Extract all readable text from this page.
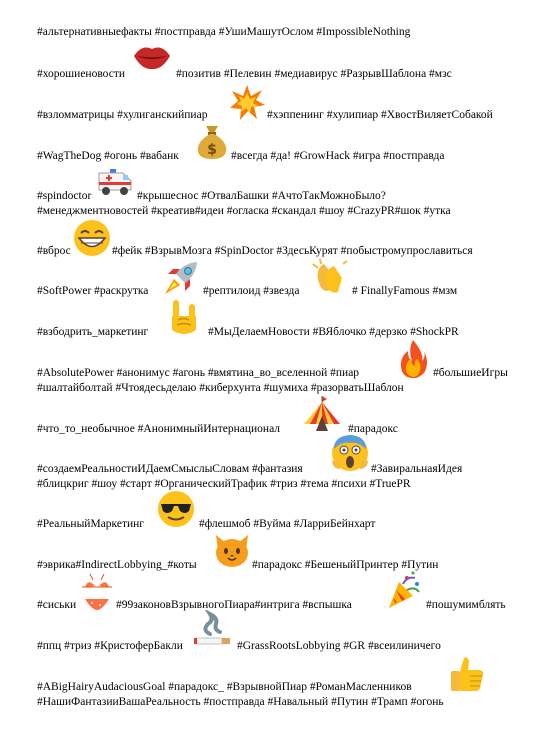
#альтернативныефакты #постправда #УшиМашутОслом #ImpossibleNothing
#хорошиеновости	#позитив #Пелевин #медиавирус #РазрывШаблона #мзс
#взломматрицы #хулиганскийпиар	#хэппенинг #хулипиар #ХвостВиляетСобакой
#WagTheDog #огонь #вабанк $ #всегда #да! #GrowHack #игра #постправда
#spindoctor	#крышеснос #ОтвалБашки #АчтоТакМожноБыло?
#менеджментновостей #креатив#идеи #огласка #скандал #шоу #CrazyPR#шок #утка
#вброс	#фейк #ВзрывМозга #SpinDoctor #ЗдесьКурят #побыстромупрославиться
#SoftPower #раскрутка	#рептилоид #звезда	# FinallyFamous #мзм
#взбодрить_маркетинг	#МыДелаемНовости #ВЯблочко #дерзко #ShockPR
#AbsolutePower #анонимус #агонь #вмятина_во_вселенной #пиар	#большиеИгры
#шалтайболтай #Чтоядесьделаю #киберхунта #шумиха #разорватьШаблон
#что_то_необычное #АнонимныйИнтернационал	#парадокс
#создаемРеальностиИДаемСмыслыСловам #фантазия	#ЗавиральнаяИдея
#блицкриг #шоу #старт #ОрганическийТрафик #триз #тема #психи #TruePR
#РеальныйМаркетинг	#флешмоб #Вуйма #ЛарриБейнхарт
#эврика#IndirectLobbying_#коты	#парадокс #БешеныйПринтер #Путин
#сиськи	#99законовВзрывногоПиара#интрига #вспышка	#пошумимблять
#ппц #триз #КристоферБакли	#GrassRootsLobbying #GR #всеилиничего
#ABigHairyAudaciousGoal #парадокс_ #ВзрывнойПиар #РоманМасленников
#НашиФантазииВашаРеальность #постправда #Навальный #Путин #Трамп #огонь
